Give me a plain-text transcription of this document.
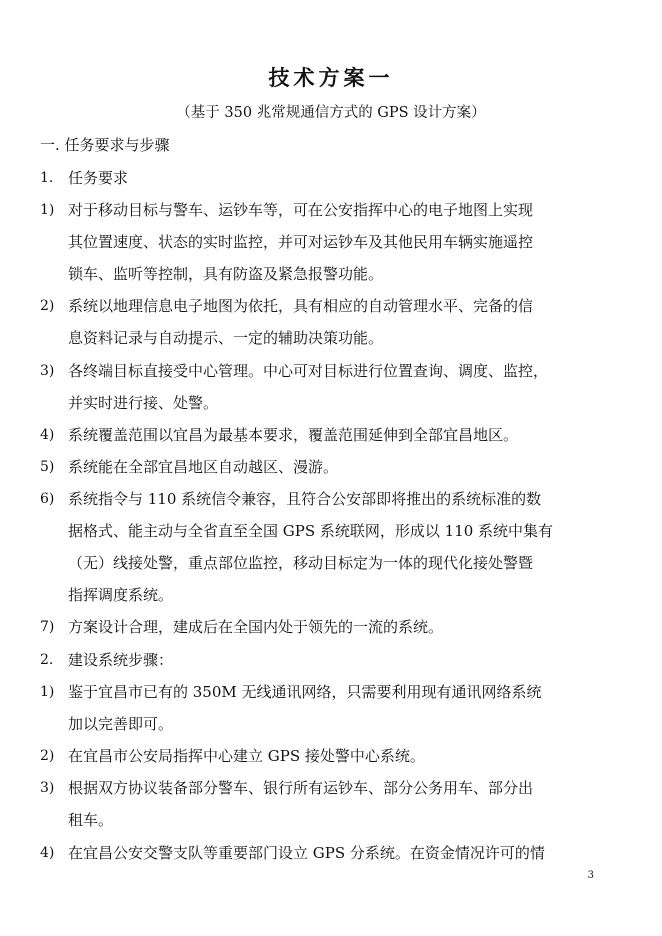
技术方案一
（基于 350 兆常规通信方式的 GPS 设计方案）
一. 任务要求与步骤
1. 任务要求
1) 对于移动目标与警车、运钞车等，可在公安指挥中心的电子地图上实现
其位置速度、状态的实时监控，并可对运钞车及其他民用车辆实施遥控
锁车、监听等控制，具有防盗及紧急报警功能。
2) 系统以地理信息电子地图为依托，具有相应的自动管理水平、完备的信
息资料记录与自动提示、一定的辅助决策功能。
3) 各终端目标直接受中心管理。中心可对目标进行位置查询、调度、监控，
并实时进行接、处警。
4) 系统覆盖范围以宜昌为最基本要求，覆盖范围延伸到全部宜昌地区。
5) 系统能在全部宜昌地区自动越区、漫游。
6) 系统指令与 110 系统信令兼容，且符合公安部即将推出的系统标准的数
据格式、能主动与全省直至全国 GPS 系统联网，形成以 110 系统中集有
（无）线接处警，重点部位监控，移动目标定为一体的现代化接处警暨
指挥调度系统。
7) 方案设计合理，建成后在全国内处于领先的一流的系统。
2. 建设系统步骤：
1) 鉴于宜昌市已有的 350M 无线通讯网络，只需要利用现有通讯网络系统
加以完善即可。
2) 在宜昌市公安局指挥中心建立 GPS 接处警中心系统。
3) 根据双方协议装备部分警车、银行所有运钞车、部分公务用车、部分出
租车。
4) 在宜昌公安交警支队等重要部门设立 GPS 分系统。在资金情况许可的情
3
